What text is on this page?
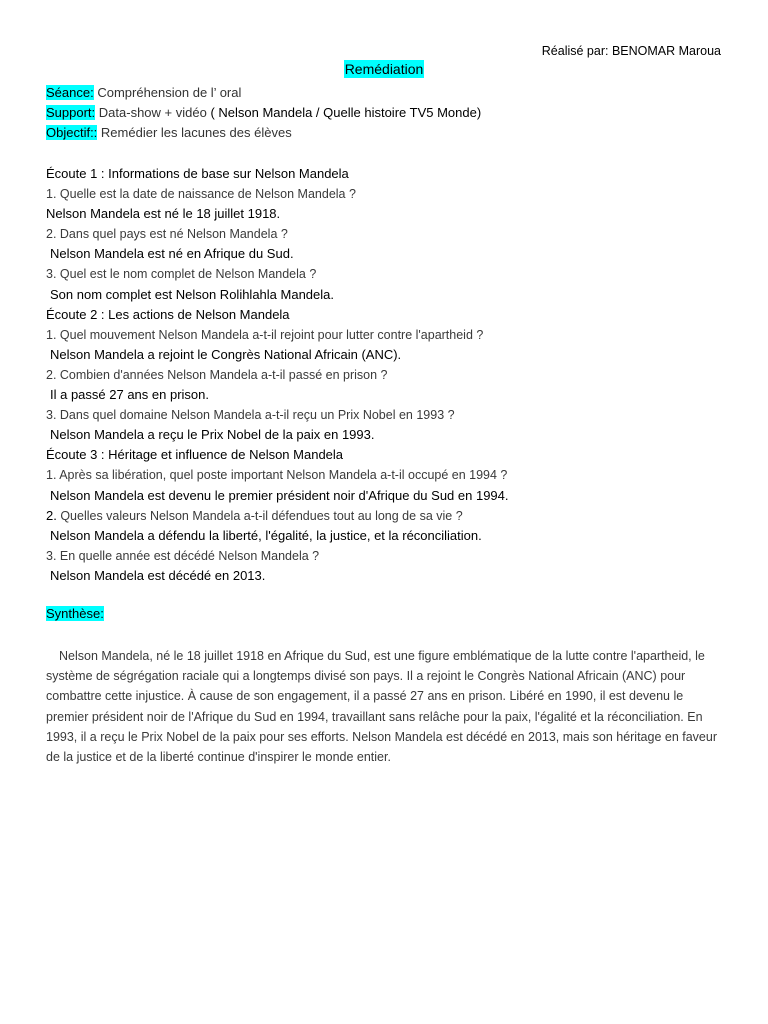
Réalisé par: BENOMAR Maroua
Remédiation
Séance: Compréhension de l’ oral
Support: Data-show + vidéo ( Nelson Mandela / Quelle histoire TV5 Monde)
Objectif:: Remédier les lacunes des élèves
Écoute 1 : Informations de base sur Nelson Mandela
1. Quelle est la date de naissance de Nelson Mandela ?
Nelson Mandela est né le 18 juillet 1918.
2. Dans quel pays est né Nelson Mandela ?
Nelson Mandela est né en Afrique du Sud.
3. Quel est le nom complet de Nelson Mandela ?
Son nom complet est Nelson Rolihlahla Mandela.
Écoute 2 : Les actions de Nelson Mandela
1. Quel mouvement Nelson Mandela a-t-il rejoint pour lutter contre l'apartheid ?
Nelson Mandela a rejoint le Congrès National Africain (ANC).
2. Combien d'années Nelson Mandela a-t-il passé en prison ?
Il a passé 27 ans en prison.
3. Dans quel domaine Nelson Mandela a-t-il reçu un Prix Nobel en 1993 ?
Nelson Mandela a reçu le Prix Nobel de la paix en 1993.
Écoute 3 : Héritage et influence de Nelson Mandela
1. Après sa libération, quel poste important Nelson Mandela a-t-il occupé en 1994 ?
Nelson Mandela est devenu le premier président noir d'Afrique du Sud en 1994.
2. Quelles valeurs Nelson Mandela a-t-il défendues tout au long de sa vie ?
Nelson Mandela a défendu la liberté, l'égalité, la justice, et la réconciliation.
3. En quelle année est décédé Nelson Mandela ?
Nelson Mandela est décédé en 2013.
Synthèse:
Nelson Mandela, né le 18 juillet 1918 en Afrique du Sud, est une figure emblématique de la lutte contre l'apartheid, le système de ségrégation raciale qui a longtemps divisé son pays. Il a rejoint le Congrès National Africain (ANC) pour combattre cette injustice. À cause de son engagement, il a passé 27 ans en prison. Libéré en 1990, il est devenu le premier président noir de l'Afrique du Sud en 1994, travaillant sans relâche pour la paix, l'égalité et la réconciliation. En 1993, il a reçu le Prix Nobel de la paix pour ses efforts. Nelson Mandela est décédé en 2013, mais son héritage en faveur de la justice et de la liberté continue d'inspirer le monde entier.
